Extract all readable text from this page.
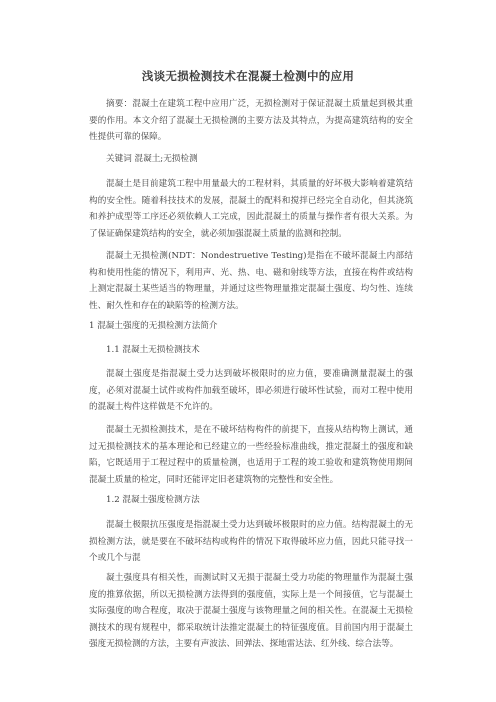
浅谈无损检测技术在混凝土检测中的应用

摘要：混凝土在建筑工程中应用广泛，无损检测对于保证混凝土质量起到极其重要的作用。本文介绍了混凝土无损检测的主要方法及其特点，为提高建筑结构的安全性提供可靠的保障。

关键词 混凝土;无损检测

混凝土是目前建筑工程中用量最大的工程材料，其质量的好坏极大影响着建筑结构的安全性。随着科技技术的发展，混凝土的配料和搅拌已经完全自动化，但其浇筑和养护成型等工序还必须依赖人工完成，因此混凝土的质量与操作者有很大关系。为了保证确保建筑结构的安全，就必须加强混凝土质量的监测和控制。

混凝土无损检测(NDT：Nondestruetive Testing)是指在不破坏混凝土内部结构和使用性能的情况下，利用声、光、热、电、磁和射线等方法，直接在构件或结构上测定混凝土某些适当的物理量，并通过这些物理量推定混凝土强度、均匀性、连续性、耐久性和存在的缺陷等的检测方法。

1 混凝土强度的无损检测方法简介
1.1 混凝土无损检测技术

混凝土强度是指混凝土受力达到破坏极限时的应力值，要准确测量混凝土的强度，必须对混凝土试件或构件加载至破坏，即必须进行破坏性试验，而对工程中使用的混凝土构件这样做是不允许的。

混凝土无损检测技术，是在不破坏结构构件的前提下，直接从结构物上测试，通过无损检测技术的基本理论和已经建立的一些经验标准曲线，推定混凝土的强度和缺陷，它既适用于工程过程中的质量检测，也适用于工程的竣工验收和建筑物使用期间混凝土质量的检定，同时还能评定旧老建筑物的完整性和安全性。

1.2 混凝土强度检测方法

混凝土极限抗压强度是指混凝土受力达到破坏极限时的应力值。结构混凝土的无损检测方法，就是要在不破坏结构或构件的情况下取得破坏应力值，因此只能寻找一个或几个与混

凝土强度具有相关性，而测试时又无损于混凝土受力功能的物理量作为混凝土强度的推算依据，所以无损检测方法得到的强度值，实际上是一个间接值，它与混凝土实际强度的吻合程度，取决于混凝土强度与该物理量之间的相关性。在混凝土无损检测技术的现有规程中，都采取统计法推定混凝土的特征强度值。目前国内用于混凝土强度无损检测的方法，主要有声波法、回弹法、探地雷达法、红外线、综合法等。
